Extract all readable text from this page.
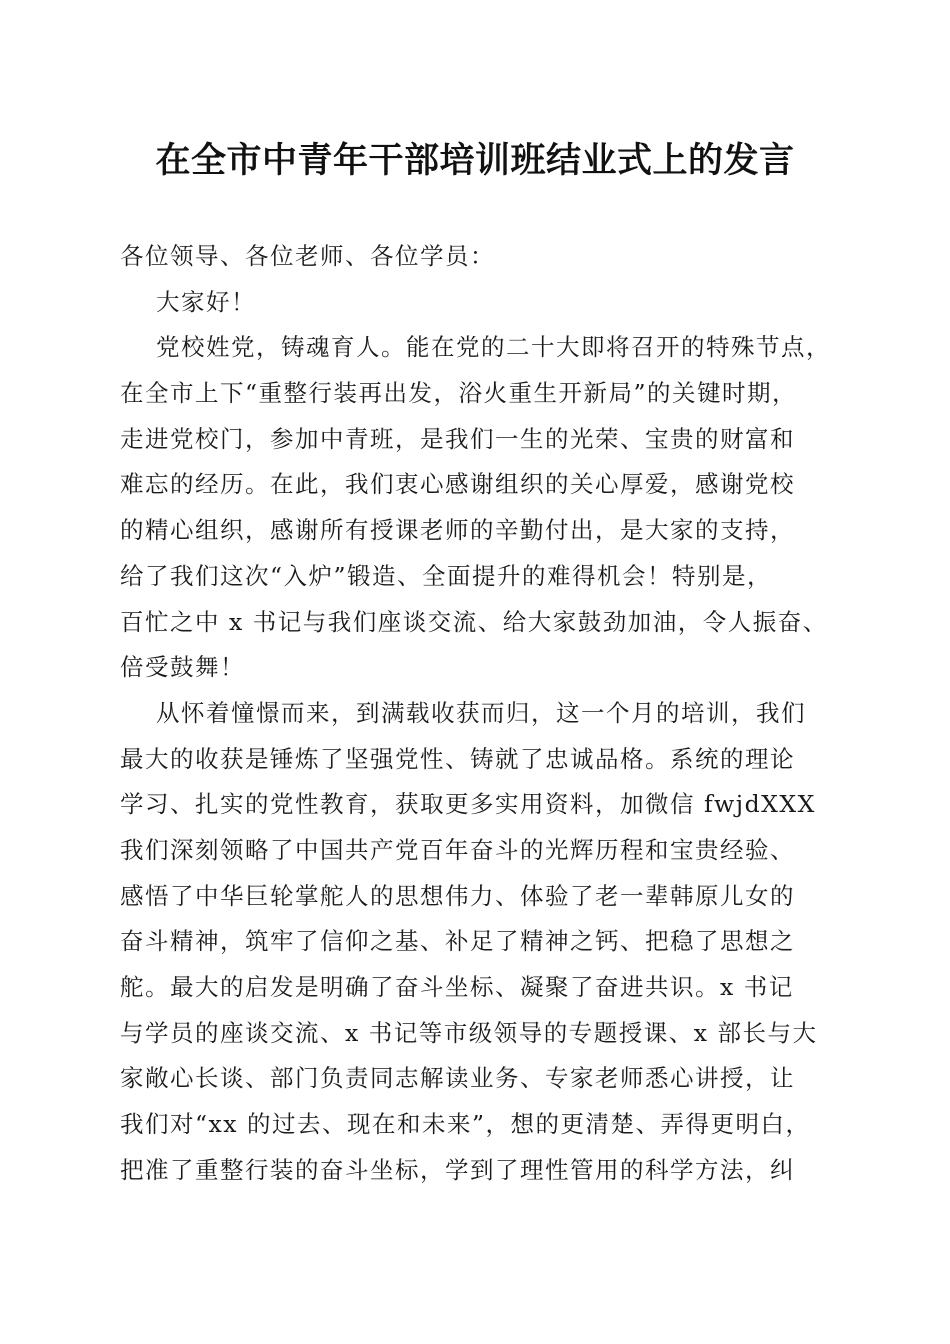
在全市中青年干部培训班结业式上的发言
各位领导、各位老师、各位学员：
大家好！
党校姓党，铸魂育人。能在党的二十大即将召开的特殊节点，
在全市上下“重整行装再出发，浴火重生开新局”的关键时期，
走进党校门，参加中青班，是我们一生的光荣、宝贵的财富和
难忘的经历。在此，我们衷心感谢组织的关心厚爱，感谢党校
的精心组织，感谢所有授课老师的辛勤付出，是大家的支持，
给了我们这次“入炉”锻造、全面提升的难得机会！特别是，
百忙之中 x 书记与我们座谈交流、给大家鼓劲加油，令人振奋、
倍受鼓舞！
从怀着憧憬而来，到满载收获而归，这一个月的培训，我们
最大的收获是锤炼了坚强党性、铸就了忠诚品格。系统的理论
学习、扎实的党性教育，获取更多实用资料，加微信 fwjdXXX
我们深刻领略了中国共产党百年奋斗的光辉历程和宝贵经验、
感悟了中华巨轮掌舵人的思想伟力、体验了老一辈韩原儿女的
奋斗精神，筑牢了信仰之基、补足了精神之钙、把稳了思想之
舵。最大的启发是明确了奋斗坐标、凝聚了奋进共识。x 书记
与学员的座谈交流、x 书记等市级领导的专题授课、x 部长与大
家敞心长谈、部门负责同志解读业务、专家老师悉心讲授，让
我们对“xx 的过去、现在和未来”，想的更清楚、弄得更明白，
把准了重整行装的奋斗坐标，学到了理性管用的科学方法，纠
